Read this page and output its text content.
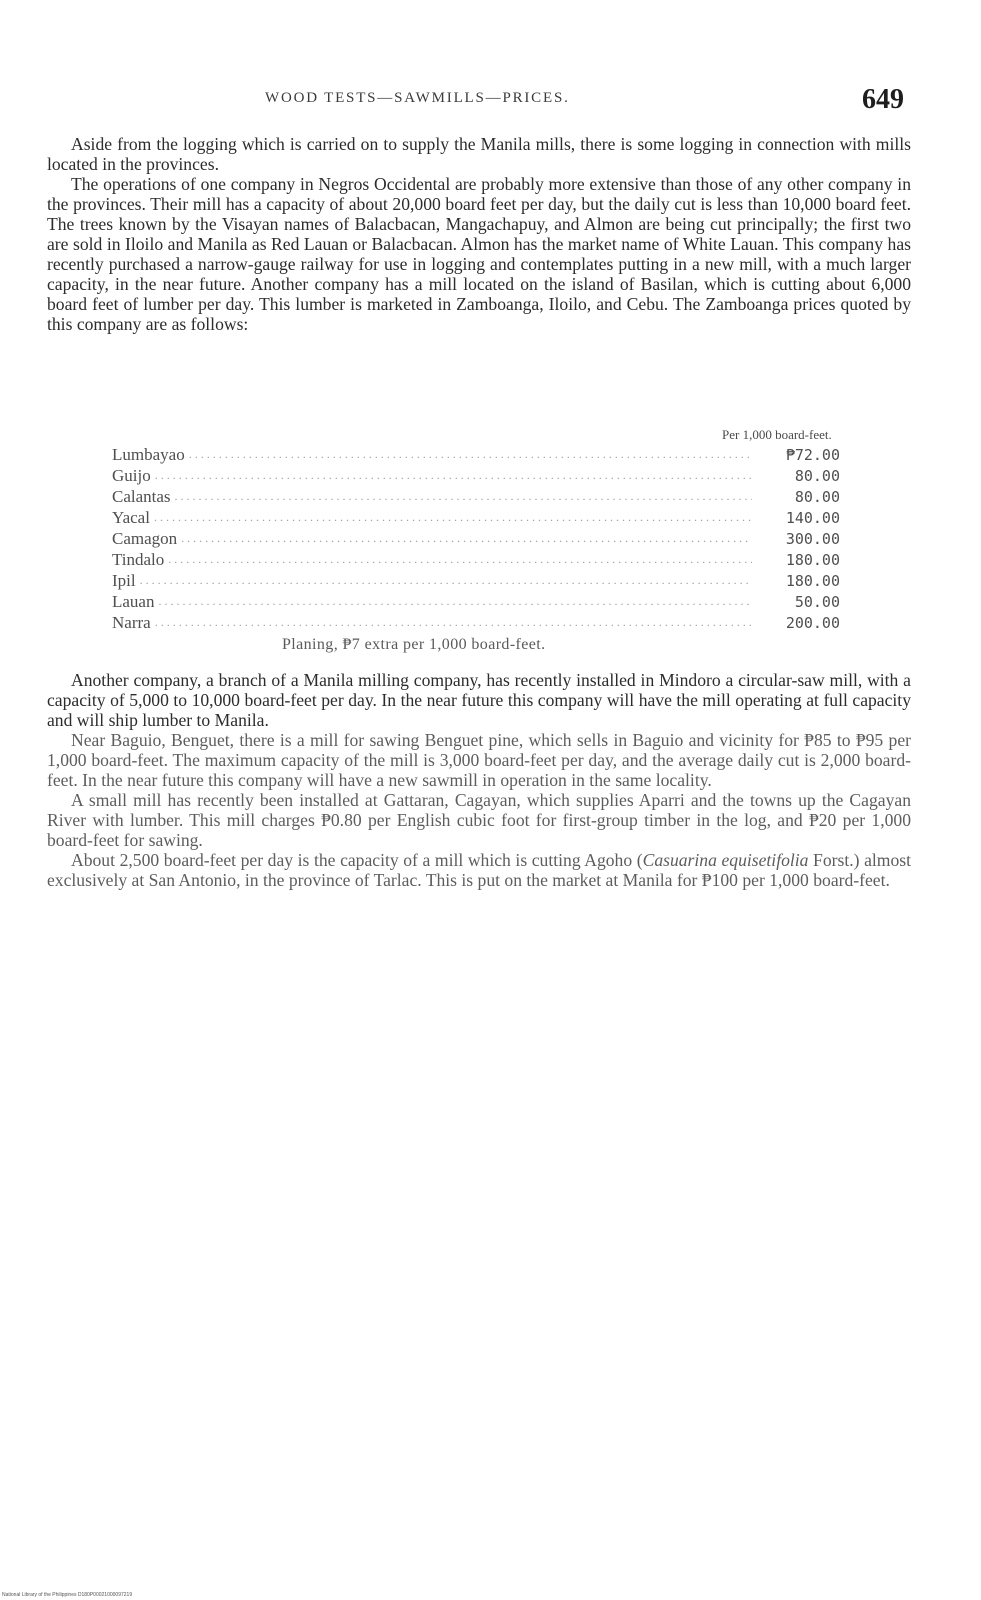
WOOD TESTS—SAWMILLS—PRICES.	649

Aside from the logging which is carried on to supply the Manila mills, there is some logging in connection with mills located in the provinces.

The operations of one company in Negros Occidental are probably more extensive than those of any other company in the provinces. Their mill has a capacity of about 20,000 board feet per day, but the daily cut is less than 10,000 board feet. The trees known by the Visayan names of Balacbacan, Mangachapuy, and Almon are being cut principally; the first two are sold in Iloilo and Manila as Red Lauan or Balacbacan. Almon has the market name of White Lauan. This company has recently purchased a narrow-gauge railway for use in logging and contemplates putting in a new mill, with a much larger capacity, in the near future. Another company has a mill located on the island of Basilan, which is cutting about 6,000 board feet of lumber per day. This lumber is marketed in Zamboanga, Iloilo, and Cebu. The Zamboanga prices quoted by this company are as follows:

Per 1,000 board-feet.
Lumbayao .....	₱72.00
Guijo .....	80.00
Calantas .....	80.00
Yacal .....	140.00
Camagon .....	300.00
Tindalo .....	180.00
Ipil .....	180.00
Lauan .....	50.00
Narra .....	200.00
Planing, ₱7 extra per 1,000 board-feet.

Another company, a branch of a Manila milling company, has recently installed in Mindoro a circular-saw mill, with a capacity of 5,000 to 10,000 board-feet per day. In the near future this company will have the mill operating at full capacity and will ship lumber to Manila.

Near Baguio, Benguet, there is a mill for sawing Benguet pine, which sells in Baguio and vicinity for ₱85 to ₱95 per 1,000 board-feet. The maximum capacity of the mill is 3,000 board-feet per day, and the average daily cut is 2,000 board-feet. In the near future this company will have a new sawmill in operation in the same locality.

A small mill has recently been installed at Gattaran, Cagayan, which supplies Aparri and the towns up the Cagayan River with lumber. This mill charges ₱0.80 per English cubic foot for first-group timber in the log, and ₱20 per 1,000 board-feet for sawing.

About 2,500 board-feet per day is the capacity of a mill which is cutting Agoho (Casuarina equisetifolia Forst.) almost exclusively at San Antonio, in the province of Tarlac. This is put on the market at Manila for ₱100 per 1,000 board-feet.

National Library of the Philippines D180P00021000097219
